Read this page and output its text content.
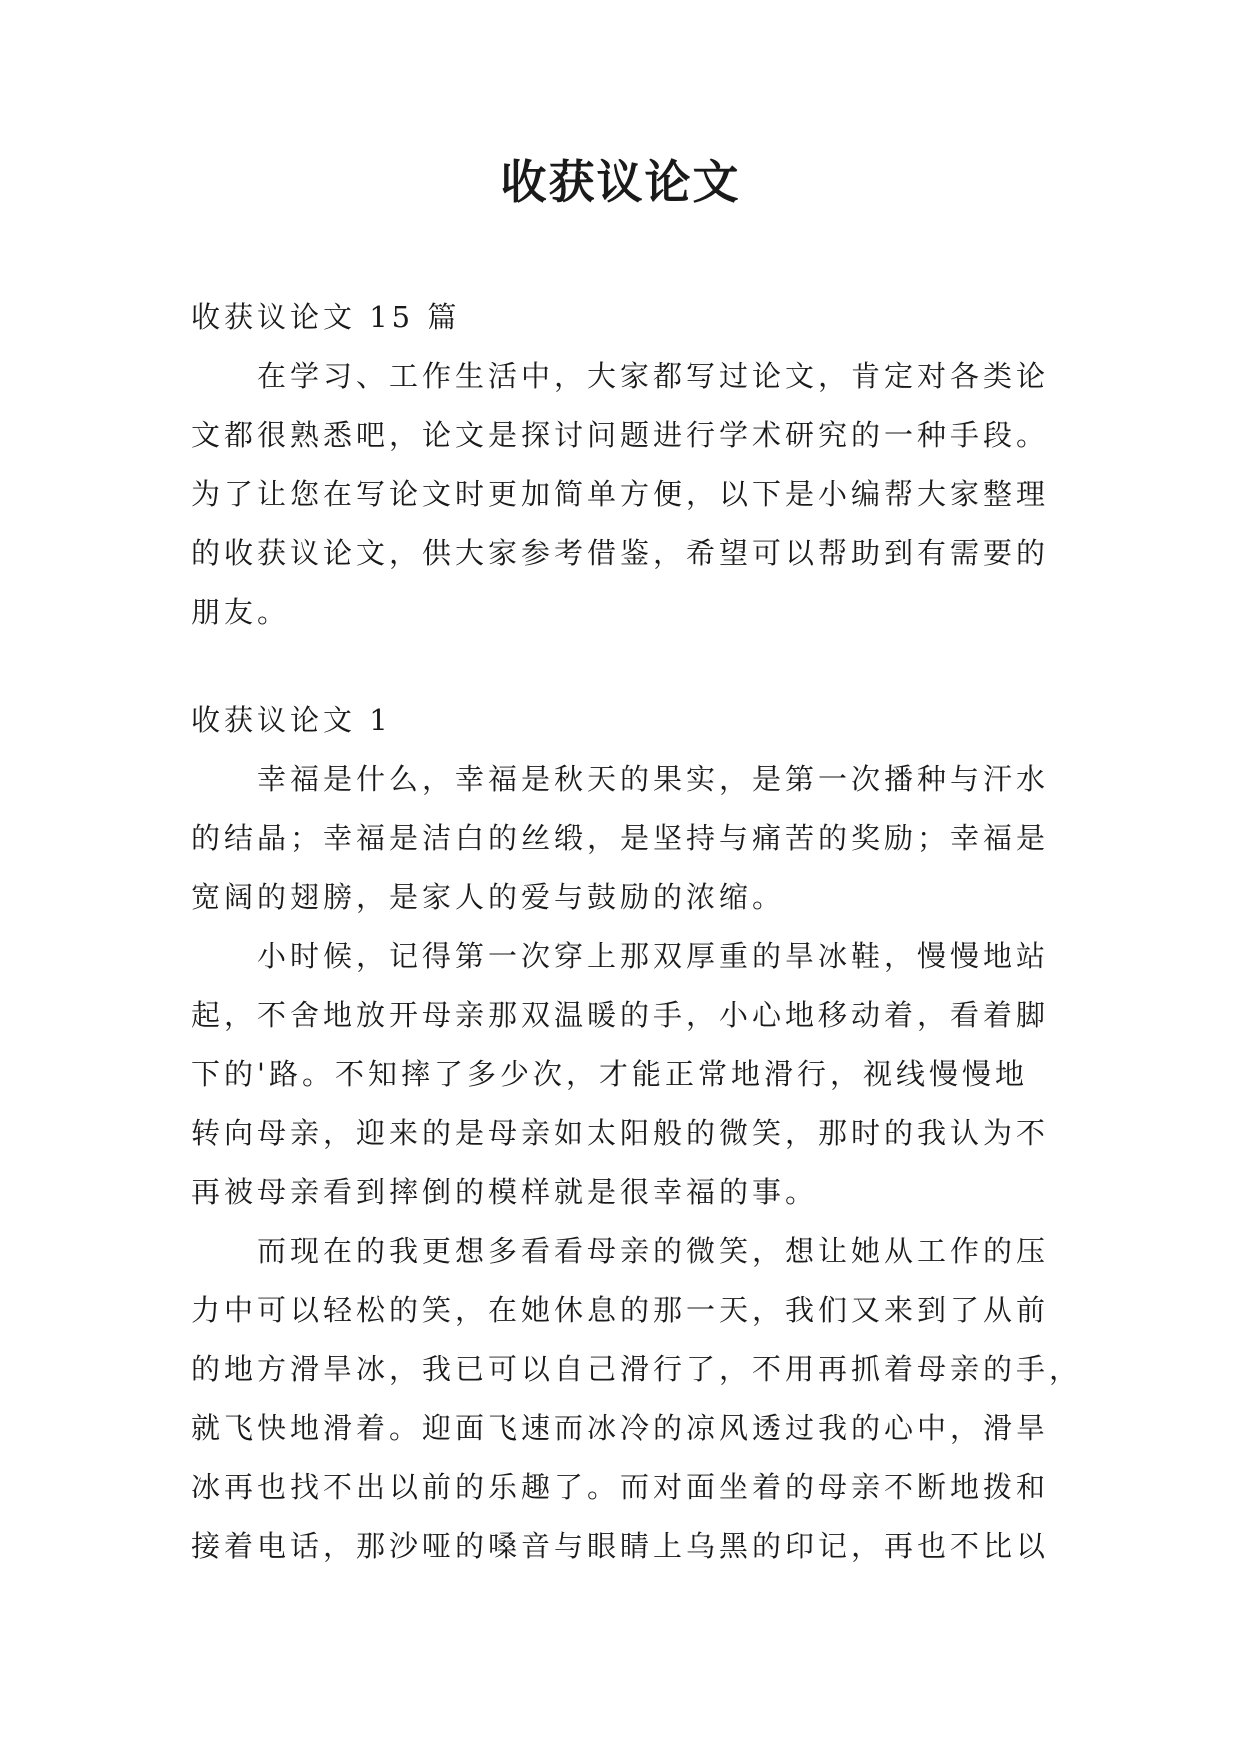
收获议论文

收获议论文 15 篇

在学习、工作生活中，大家都写过论文，肯定对各类论

文都很熟悉吧，论文是探讨问题进行学术研究的一种手段。

为了让您在写论文时更加简单方便，以下是小编帮大家整理

的收获议论文，供大家参考借鉴，希望可以帮助到有需要的

朋友。

收获议论文 1

幸福是什么，幸福是秋天的果实，是第一次播种与汗水

的结晶；幸福是洁白的丝缎，是坚持与痛苦的奖励；幸福是

宽阔的翅膀，是家人的爱与鼓励的浓缩。

小时候，记得第一次穿上那双厚重的旱冰鞋，慢慢地站

起，不舍地放开母亲那双温暖的手，小心地移动着，看着脚

下的'路。不知摔了多少次，才能正常地滑行，视线慢慢地

转向母亲，迎来的是母亲如太阳般的微笑，那时的我认为不

再被母亲看到摔倒的模样就是很幸福的事。

而现在的我更想多看看母亲的微笑，想让她从工作的压

力中可以轻松的笑，在她休息的那一天，我们又来到了从前

的地方滑旱冰，我已可以自己滑行了，不用再抓着母亲的手，

就飞快地滑着。迎面飞速而冰冷的凉风透过我的心中，滑旱

冰再也找不出以前的乐趣了。而对面坐着的母亲不断地拨和

接着电话，那沙哑的嗓音与眼睛上乌黑的印记，再也不比以
